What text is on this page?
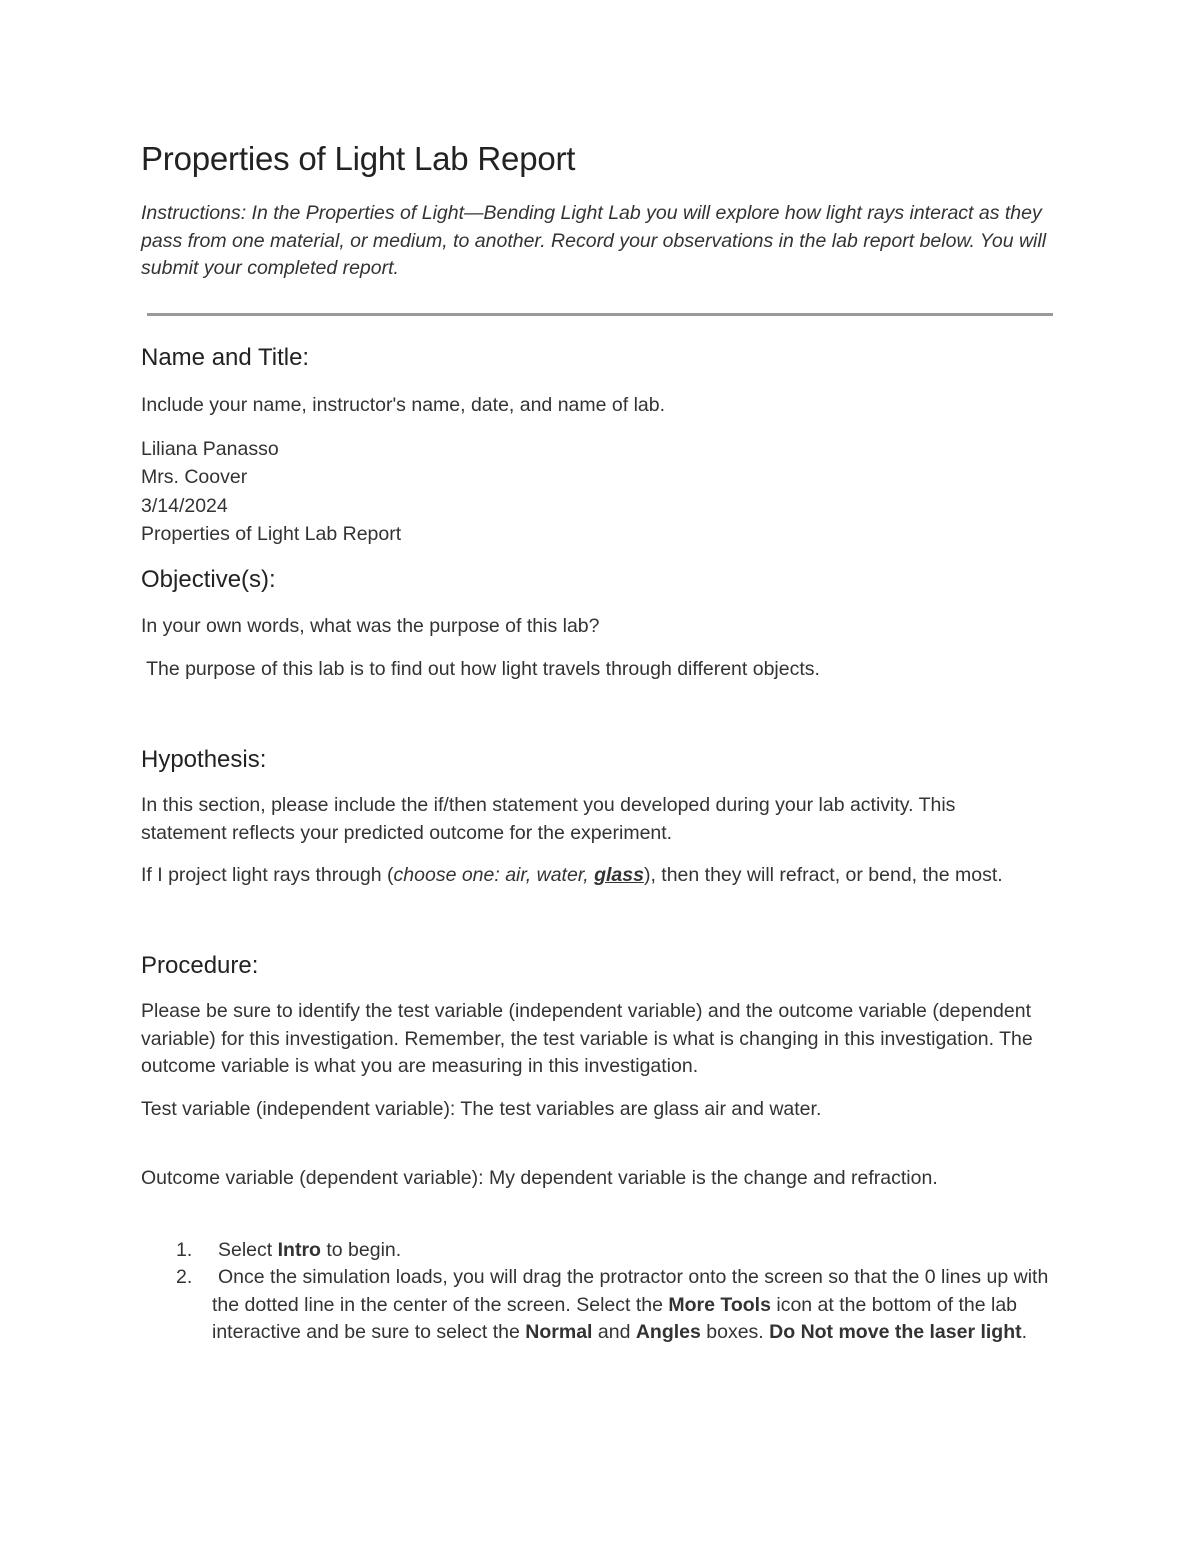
Properties of Light Lab Report

Instructions: In the Properties of Light—Bending Light Lab you will explore how light rays interact as they pass from one material, or medium, to another. Record your observations in the lab report below. You will submit your completed report.

Name and Title:

Include your name, instructor's name, date, and name of lab.

Liliana Panasso
Mrs. Coover
3/14/2024
Properties of Light Lab Report
Objective(s):

In your own words, what was the purpose of this lab?

The purpose of this lab is to find out how light travels through different objects.

Hypothesis:

In this section, please include the if/then statement you developed during your lab activity. This statement reflects your predicted outcome for the experiment.

If I project light rays through (choose one: air, water, glass), then they will refract, or bend, the most.

Procedure:

Please be sure to identify the test variable (independent variable) and the outcome variable (dependent variable) for this investigation. Remember, the test variable is what is changing in this investigation. The outcome variable is what you are measuring in this investigation.

Test variable (independent variable): The test variables are glass air and water.

Outcome variable (dependent variable): My dependent variable is the change and refraction.

1.	Select Intro to begin.
2.	Once the simulation loads, you will drag the protractor onto the screen so that the 0 lines up with the dotted line in the center of the screen. Select the More Tools icon at the bottom of the lab interactive and be sure to select the Normal and Angles boxes. Do Not move the laser light.
